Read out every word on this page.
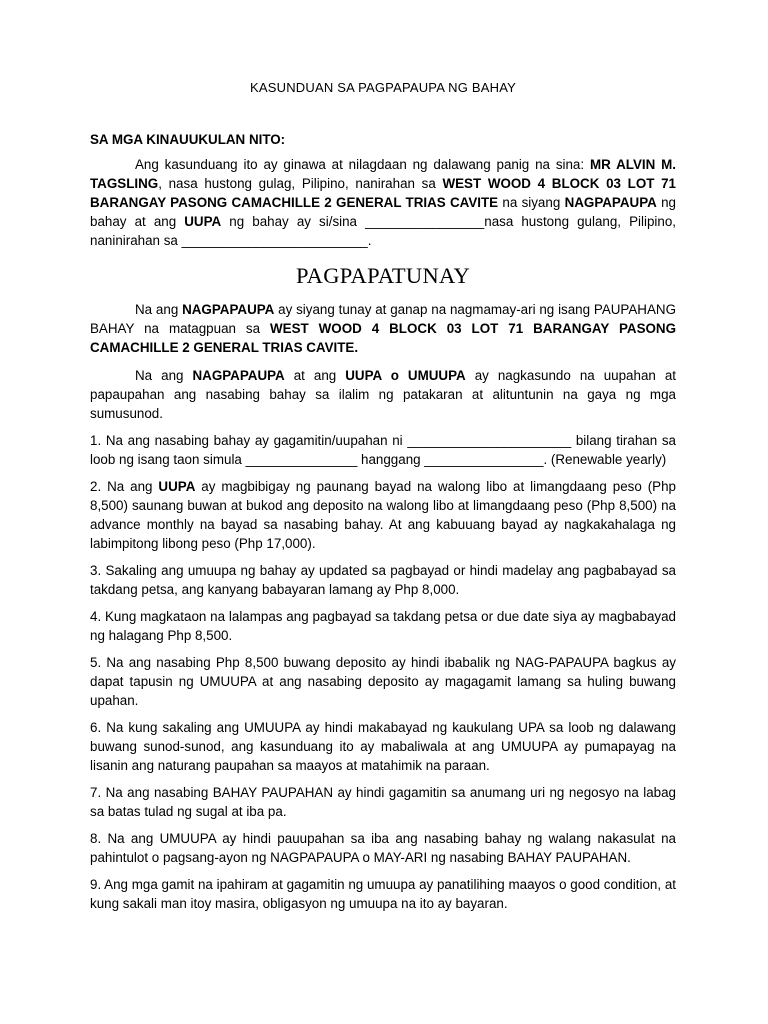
KASUNDUAN SA PAGPAPAUPA NG BAHAY
SA MGA KINAUUKULAN NITO:

Ang kasunduang ito ay ginawa at nilagdaan ng dalawang panig na sina: MR ALVIN M. TAGSLING, nasa hustong gulag, Pilipino, nanirahan sa WEST WOOD 4 BLOCK 03 LOT 71 BARANGAY PASONG CAMACHILLE 2 GENERAL TRIAS CAVITE na siyang NAGPAPAUPA ng bahay at ang UUPA ng bahay ay si/sina ________________nasa hustong gulang, Pilipino, naninirahan sa _________________________.

PAGPAPATUNAY

Na ang NAGPAPAUPA ay siyang tunay at ganap na nagmamay-ari ng isang PAUPAHANG BAHAY na matagpuan sa WEST WOOD 4 BLOCK 03 LOT 71 BARANGAY PASONG CAMACHILLE 2 GENERAL TRIAS CAVITE.

Na ang NAGPAPAUPA at ang UUPA o UMUUPA ay nagkasundo na uupahan at papaupahan ang nasabing bahay sa ilalim ng patakaran at alituntunin na gaya ng mga sumusunod.

1. Na ang nasabing bahay ay gagamitin/uupahan ni ______________________ bilang tirahan sa loob ng isang taon simula _______________ hanggang ________________. (Renewable yearly)

2. Na ang UUPA ay magbibigay ng paunang bayad na walong libo at limangdaang peso (Php 8,500) saunang buwan at bukod ang deposito na walong libo at limangdaang peso (Php 8,500) na advance monthly na bayad sa nasabing bahay. At ang kabuuang bayad ay nagkakahalaga ng labimpitong libong peso (Php 17,000).

3. Sakaling ang umuupa ng bahay ay updated sa pagbayad or hindi madelay ang pagbabayad sa takdang petsa, ang kanyang babayaran lamang ay Php 8,000.

4. Kung magkataon na lalampas ang pagbayad sa takdang petsa or due date siya ay magbabayad ng halagang Php 8,500.

5. Na ang nasabing Php 8,500 buwang deposito ay hindi ibabalik ng NAG-PAPAUPA bagkus ay dapat tapusin ng UMUUPA at ang nasabing deposito ay magagamit lamang sa huling buwang upahan.

6. Na kung sakaling ang UMUUPA ay hindi makabayad ng kaukulang UPA sa loob ng dalawang buwang sunod-sunod, ang kasunduang ito ay mabaliwala at ang UMUUPA ay pumapayag na lisanin ang naturang paupahan sa maayos at matahimik na paraan.

7. Na ang nasabing BAHAY PAUPAHAN ay hindi gagamitin sa anumang uri ng negosyo na labag sa batas tulad ng sugal at iba pa.

8. Na ang UMUUPA ay hindi pauupahan sa iba ang nasabing bahay ng walang nakasulat na pahintulot o pagsang-ayon ng NAGPAPAUPA o MAY-ARI ng nasabing BAHAY PAUPAHAN.

9. Ang mga gamit na ipahiram at gagamitin ng umuupa ay panatilihing maayos o good condition, at kung sakali man itoy masira, obligasyon ng umuupa na ito ay bayaran.
